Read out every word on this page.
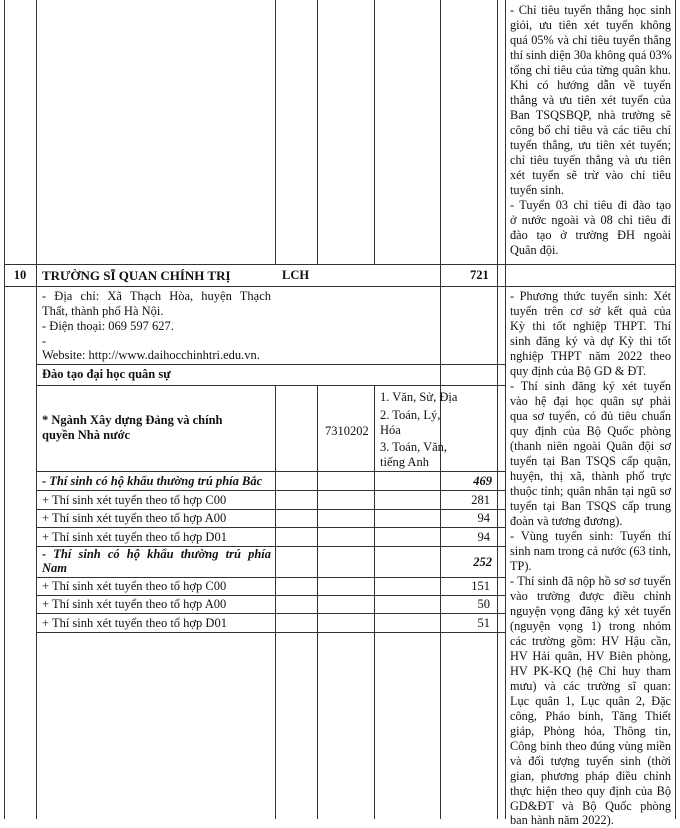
- Chỉ tiêu tuyển thẳng học sinh
giỏi, ưu tiên xét tuyển không
quá 05% và chỉ tiêu tuyển thẳng
thí sinh diện 30a không quá 03%
tổng chỉ tiêu của từng quân khu.
Khi có hướng dẫn về tuyển
thẳng và ưu tiên xét tuyển của
Ban TSQSBQP, nhà trường sẽ
công bố chỉ tiêu và các tiêu chí
tuyển thẳng, ưu tiên xét tuyển;
chỉ tiêu tuyển thẳng và ưu tiên
xét tuyển sẽ trừ vào chỉ tiêu
tuyển sinh.
- Tuyển 03 chỉ tiêu đi đào tạo
ở nước ngoài và 08 chỉ tiêu đi
đào tạo ở trường ĐH ngoài
Quân đội.
10	TRƯỜNG SĨ QUAN CHÍNH TRỊ	LCH	721
- Địa chỉ: Xã Thạch Hòa, huyện Thạch
Thất, thành phố Hà Nội.
- Điện thoại: 069 597 627.
-
Website: http://www.daihocchinhtri.edu.vn.
Đào tạo đại học quân sự
* Ngành Xây dựng Đảng và chính
quyền Nhà nước	7310202
1. Văn, Sử, Địa
2. Toán, Lý,
Hóa
3. Toán, Văn,
tiếng Anh
- Thí sinh có hộ khẩu thường trú phía Bắc	469
+ Thí sinh xét tuyển theo tổ hợp C00	281
+ Thí sinh xét tuyển theo tổ hợp A00	94
+ Thí sinh xét tuyển theo tổ hợp D01	94
- Thí sinh có hộ khẩu thường trú phía
Nam	252
+ Thí sinh xét tuyển theo tổ hợp C00	151
+ Thí sinh xét tuyển theo tổ hợp A00	50
+ Thí sinh xét tuyển theo tổ hợp D01	51
- Phương thức tuyển sinh: Xét
tuyển trên cơ sở kết quả của
Kỳ thi tốt nghiệp THPT. Thí
sinh đăng ký và dự Kỳ thi tốt
nghiệp THPT năm 2022 theo
quy định của Bộ GD & ĐT.
- Thí sinh đăng ký xét tuyển
vào hệ đại học quân sự phải
qua sơ tuyển, có đủ tiêu chuẩn
quy định của Bộ Quốc phòng
(thanh niên ngoài Quân đội sơ
tuyển tại Ban TSQS cấp quận,
huyện, thị xã, thành phố trực
thuộc tỉnh; quân nhân tại ngũ sơ
tuyển tại Ban TSQS cấp trung
đoàn và tương đương).
- Vùng tuyển sinh: Tuyển thí
sinh nam trong cả nước (63 tỉnh,
TP).
- Thí sinh đã nộp hồ sơ sơ tuyển
vào trường được điều chỉnh
nguyện vọng đăng ký xét tuyển
(nguyện vọng 1) trong nhóm
các trường gồm: HV Hậu cần,
HV Hải quân, HV Biên phòng,
HV PK-KQ (hệ Chỉ huy tham
mưu) và các trường sĩ quan:
Lục quân 1, Lục quân 2, Đặc
công, Pháo binh, Tăng Thiết
giáp, Phòng hóa, Thông tin,
Công binh theo đúng vùng miền
và đối tượng tuyển sinh (thời
gian, phương pháp điều chỉnh
thực hiện theo quy định của Bộ
GD&ĐT và Bộ Quốc phòng
ban hành năm 2022).
